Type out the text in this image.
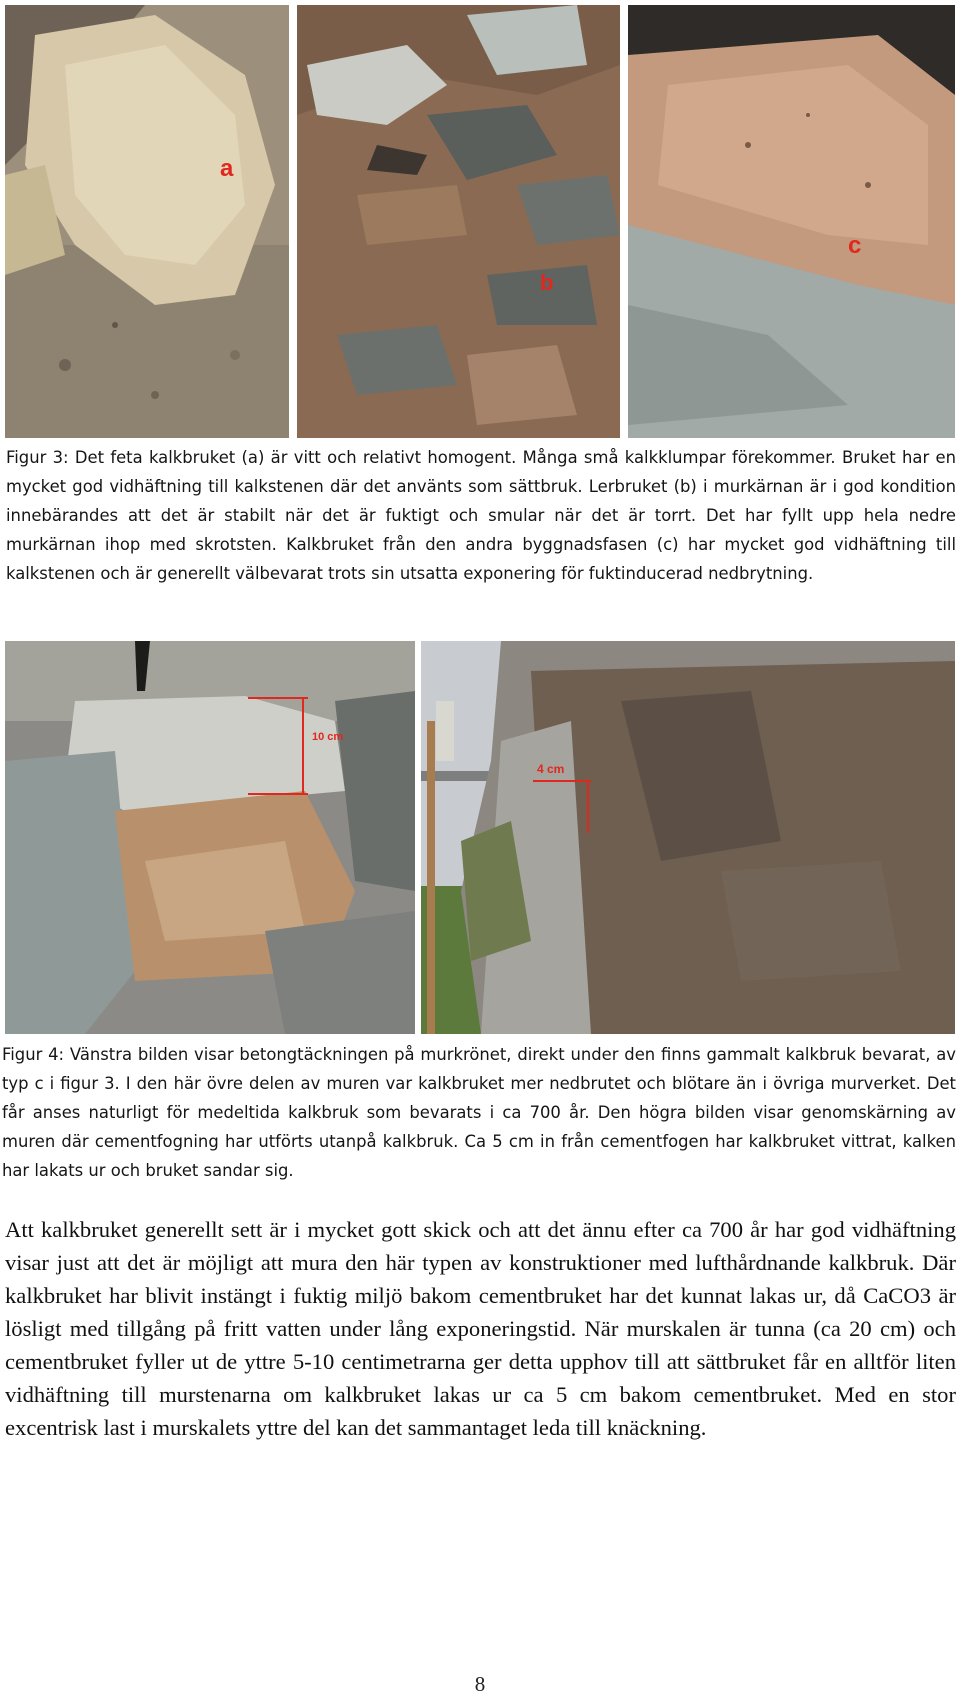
a
b
c
Figur 3: Det feta kalkbruket (a) är vitt och relativt homogent. Många små kalkklumpar förekommer. Bruket har en mycket god vidhäftning till kalkstenen där det använts som sättbruk. Lerbruket (b) i murkärnan är i god kondition innebärandes att det är stabilt när det är fuktigt och smular när det är torrt. Det har fyllt upp hela nedre murkärnan ihop med skrotsten. Kalkbruket från den andra byggnadsfasen (c) har mycket god vidhäftning till kalkstenen och är generellt välbevarat trots sin utsatta exponering för fuktinducerad nedbrytning.
10 cm
4 cm
Figur 4: Vänstra bilden visar betongtäckningen på murkrönet, direkt under den finns gammalt kalkbruk bevarat, av typ c i figur 3. I den här övre delen av muren var kalkbruket mer nedbrutet och blötare än i övriga murverket. Det får anses naturligt för medeltida kalkbruk som bevarats i ca 700 år. Den högra bilden visar genomskärning av muren där cementfogning har utförts utanpå kalkbruk. Ca 5 cm in från cementfogen har kalkbruket vittrat, kalken har lakats ur och bruket sandar sig.
Att kalkbruket generellt sett är i mycket gott skick och att det ännu efter ca 700 år har god vidhäftning visar just att det är möjligt att mura den här typen av konstruktioner med lufthårdnande kalkbruk. Där kalkbruket har blivit instängt i fuktig miljö bakom cementbruket har det kunnat lakas ur, då CaCO3 är lösligt med tillgång på fritt vatten under lång exponeringstid. När murskalen är tunna (ca 20 cm) och cementbruket fyller ut de yttre 5-10 centimetrarna ger detta upphov till att sättbruket får en alltför liten vidhäftning till murstenarna om kalkbruket lakas ur ca 5 cm bakom cementbruket. Med en stor excentrisk last i murskalets yttre del kan det sammantaget leda till knäckning.
8
